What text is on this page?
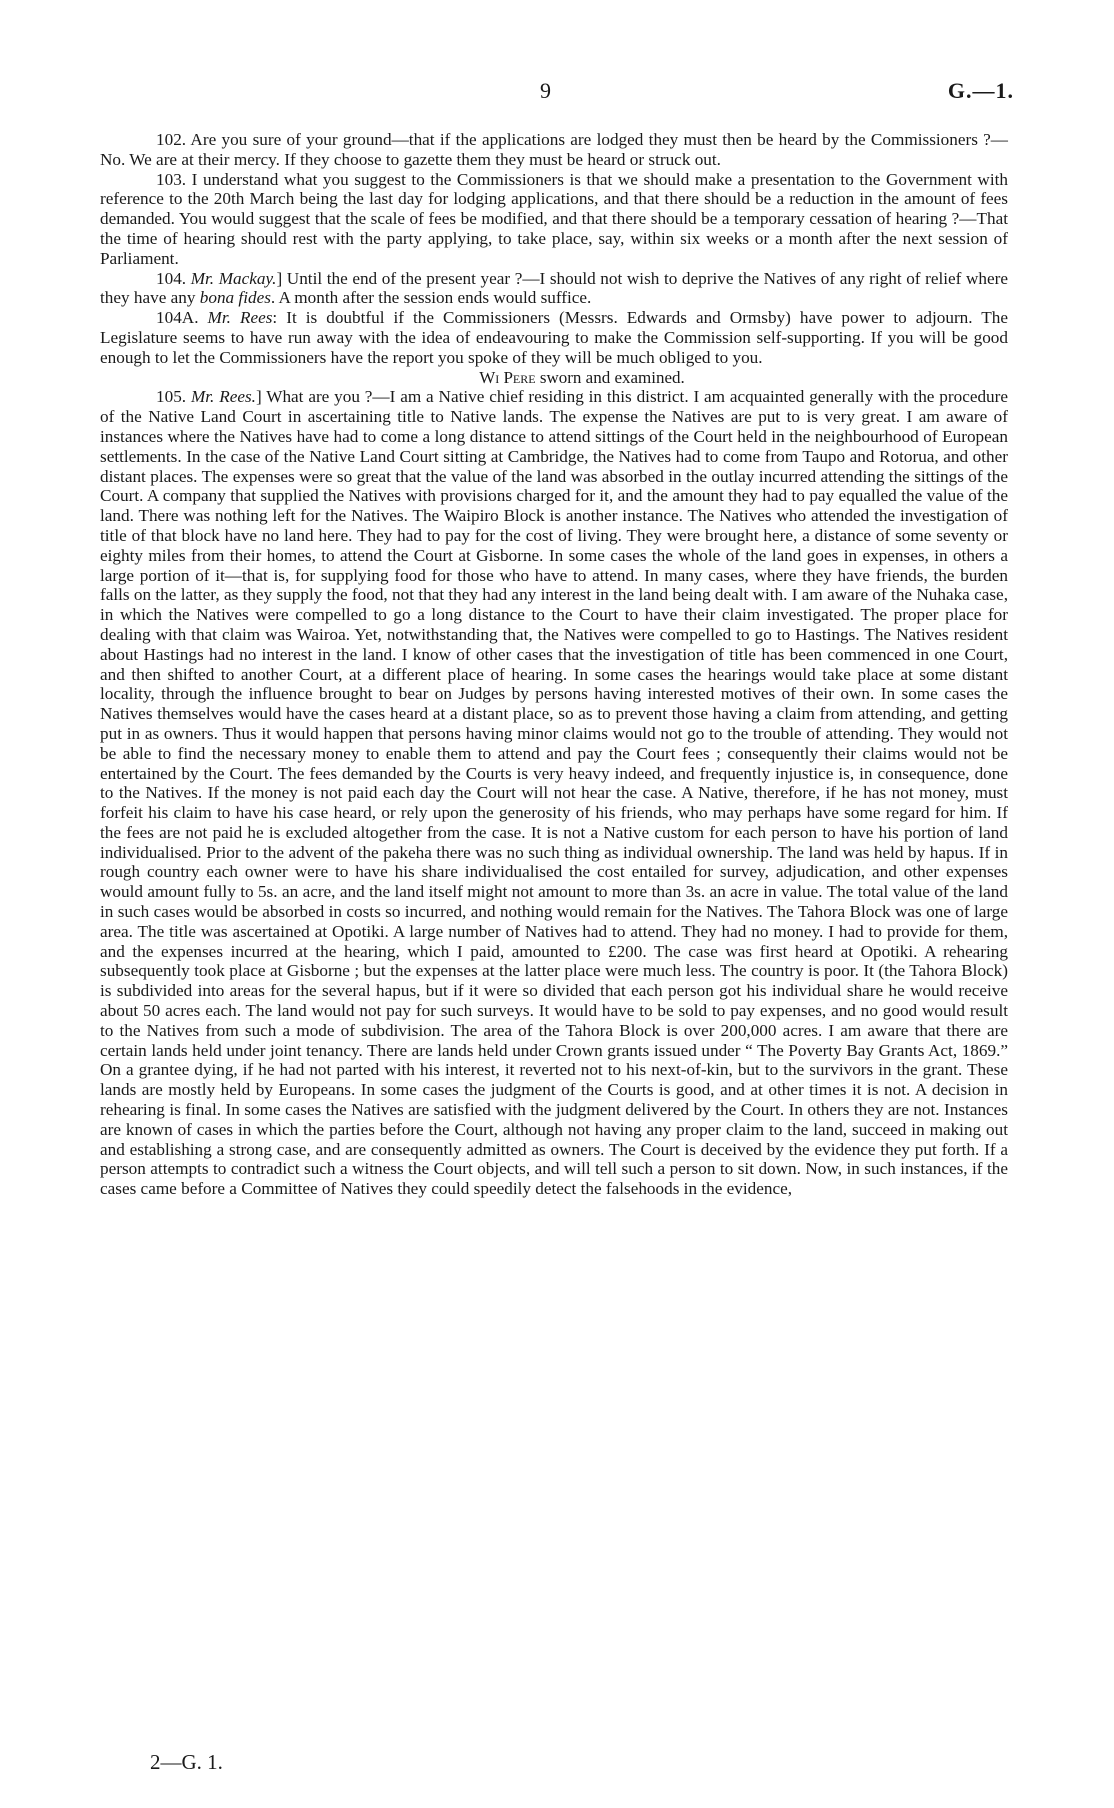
9	G.—1.

102. Are you sure of your ground—that if the applications are lodged they must then be heard by the Commissioners ?—No. We are at their mercy. If they choose to gazette them they must be heard or struck out.

103. I understand what you suggest to the Commissioners is that we should make a presentation to the Government with reference to the 20th March being the last day for lodging applications, and that there should be a reduction in the amount of fees demanded. You would suggest that the scale of fees be modified, and that there should be a temporary cessation of hearing ?—That the time of hearing should rest with the party applying, to take place, say, within six weeks or a month after the next session of Parliament.

104. Mr. Mackay.] Until the end of the present year ?—I should not wish to deprive the Natives of any right of relief where they have any bona fides. A month after the session ends would suffice.

104A. Mr. Rees: It is doubtful if the Commissioners (Messrs. Edwards and Ormsby) have power to adjourn. The Legislature seems to have run away with the idea of endeavouring to make the Commission self-supporting. If you will be good enough to let the Commissioners have the report you spoke of they will be much obliged to you.

Wi Pere sworn and examined.

105. Mr. Rees.] What are you ?—I am a Native chief residing in this district. I am acquainted generally with the procedure of the Native Land Court in ascertaining title to Native lands. The expense the Natives are put to is very great. I am aware of instances where the Natives have had to come a long distance to attend sittings of the Court held in the neighbourhood of European settlements. In the case of the Native Land Court sitting at Cambridge, the Natives had to come from Taupo and Rotorua, and other distant places. The expenses were so great that the value of the land was absorbed in the outlay incurred attending the sittings of the Court. A company that supplied the Natives with provisions charged for it, and the amount they had to pay equalled the value of the land. There was nothing left for the Natives. The Waipiro Block is another instance. The Natives who attended the investigation of title of that block have no land here. They had to pay for the cost of living. They were brought here, a distance of some seventy or eighty miles from their homes, to attend the Court at Gisborne. In some cases the whole of the land goes in expenses, in others a large portion of it—that is, for supplying food for those who have to attend. In many cases, where they have friends, the burden falls on the latter, as they supply the food, not that they had any interest in the land being dealt with. I am aware of the Nuhaka case, in which the Natives were compelled to go a long distance to the Court to have their claim investigated. The proper place for dealing with that claim was Wairoa. Yet, notwithstanding that, the Natives were compelled to go to Hastings. The Natives resident about Hastings had no interest in the land. I know of other cases that the investigation of title has been commenced in one Court, and then shifted to another Court, at a different place of hearing. In some cases the hearings would take place at some distant locality, through the influence brought to bear on Judges by persons having interested motives of their own. In some cases the Natives themselves would have the cases heard at a distant place, so as to prevent those having a claim from attending, and getting put in as owners. Thus it would happen that persons having minor claims would not go to the trouble of attending. They would not be able to find the necessary money to enable them to attend and pay the Court fees ; consequently their claims would not be entertained by the Court. The fees demanded by the Courts is very heavy indeed, and frequently injustice is, in consequence, done to the Natives. If the money is not paid each day the Court will not hear the case. A Native, therefore, if he has not money, must forfeit his claim to have his case heard, or rely upon the generosity of his friends, who may perhaps have some regard for him. If the fees are not paid he is excluded altogether from the case. It is not a Native custom for each person to have his portion of land individualised. Prior to the advent of the pakeha there was no such thing as individual ownership. The land was held by hapus. If in rough country each owner were to have his share individualised the cost entailed for survey, adjudication, and other expenses would amount fully to 5s. an acre, and the land itself might not amount to more than 3s. an acre in value. The total value of the land in such cases would be absorbed in costs so incurred, and nothing would remain for the Natives. The Tahora Block was one of large area. The title was ascertained at Opotiki. A large number of Natives had to attend. They had no money. I had to provide for them, and the expenses incurred at the hearing, which I paid, amounted to £200. The case was first heard at Opotiki. A rehearing subsequently took place at Gisborne ; but the expenses at the latter place were much less. The country is poor. It (the Tahora Block) is subdivided into areas for the several hapus, but if it were so divided that each person got his individual share he would receive about 50 acres each. The land would not pay for such surveys. It would have to be sold to pay expenses, and no good would result to the Natives from such a mode of subdivision. The area of the Tahora Block is over 200,000 acres. I am aware that there are certain lands held under joint tenancy. There are lands held under Crown grants issued under “ The Poverty Bay Grants Act, 1869.” On a grantee dying, if he had not parted with his interest, it reverted not to his next-of-kin, but to the survivors in the grant. These lands are mostly held by Europeans. In some cases the judgment of the Courts is good, and at other times it is not. A decision in rehearing is final. In some cases the Natives are satisfied with the judgment delivered by the Court. In others they are not. Instances are known of cases in which the parties before the Court, although not having any proper claim to the land, succeed in making out and establishing a strong case, and are consequently admitted as owners. The Court is deceived by the evidence they put forth. If a person attempts to contradict such a witness the Court objects, and will tell such a person to sit down. Now, in such instances, if the cases came before a Committee of Natives they could speedily detect the falsehoods in the evidence,

2—G. 1.
